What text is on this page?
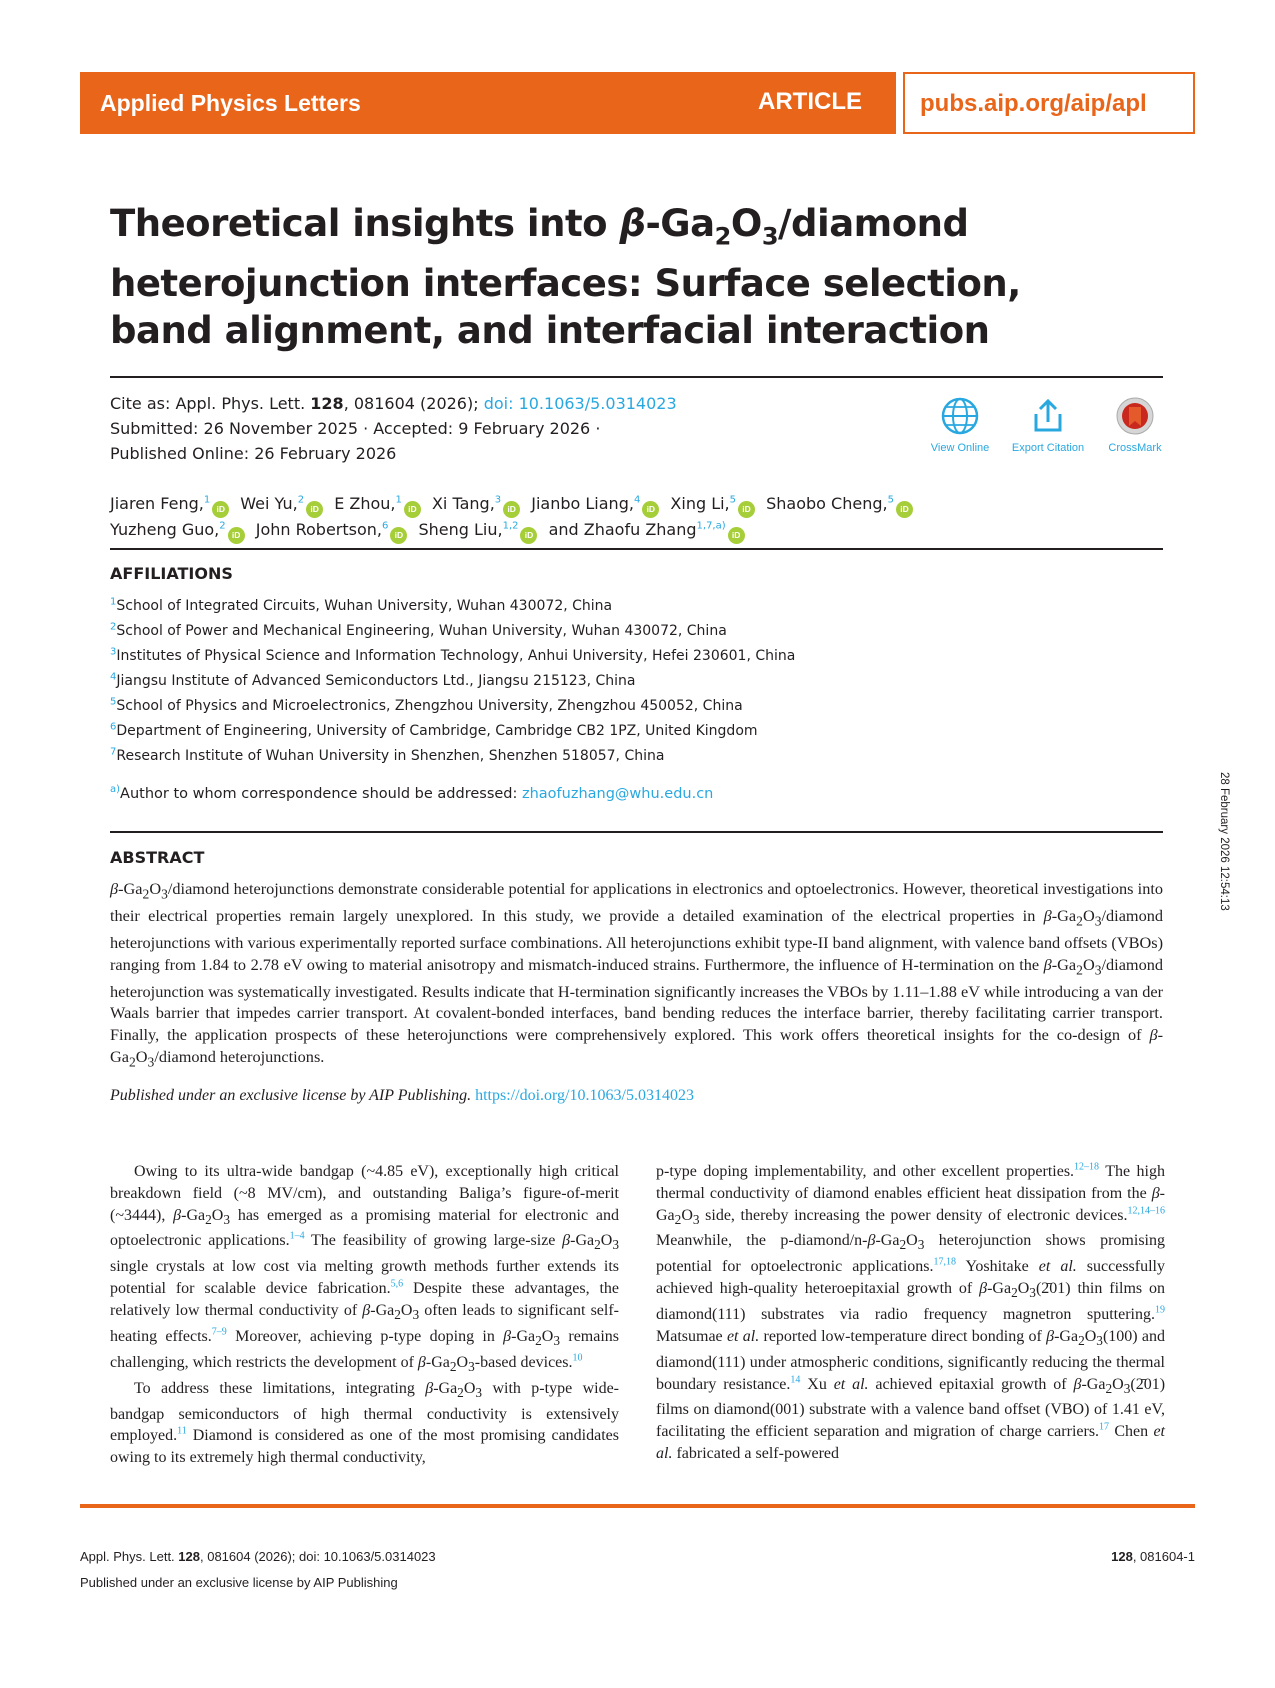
Applied Physics Letters	ARTICLE pubs.aip.org/aip/apl
Theoretical insights into $\beta-Ga_2O_3$/diamond
heterojunction interfaces: Surface selection,
band alignment, and interfacial interaction
Cite as: Appl. Phys. Lett. 128, 081604 (2026); doi: 10.1063/5.0314023
Submitted: 26 November 2025 · Accepted: 9 February 2026 ·
Published Online: 26 February 2026	View Online	Export Citation	CrossMark
Jiaren Feng,$^1$iD Wei Yu,$^2$iD E Zhou,$^1$iD Xi Tang,$^3$iD Jianbo Liang,$^4$iD Xing Li,$^5$iD Shaobo Cheng,$^5$iD
Yuzheng Guo,$^2$iD John Robertson,$^6$iD Sheng Liu,$^{1,2}$iD and Zhaofu Zhang$^{1,7,a)}$iD
AFFILIATIONS
$^1$School of Integrated Circuits, Wuhan University, Wuhan 430072, China
$^2$School of Power and Mechanical Engineering, Wuhan University, Wuhan 430072, China
$^3$Institutes of Physical Science and Information Technology, Anhui University, Hefei 230601, China
$^4$Jiangsu Institute of Advanced Semiconductors Ltd., Jiangsu 215123, China
$^5$School of Physics and Microelectronics, Zhengzhou University, Zhengzhou 450052, China
$^6$Department of Engineering, University of Cambridge, Cambridge CB2 1PZ, United Kingdom
$^7$Research Institute of Wuhan University in Shenzhen, Shenzhen 518057, China
$^{a)}$Author to whom correspondence should be addressed: zhaofuzhang@whu.edu.cn
ABSTRACT
$\beta-Ga_2O_3$/diamond heterojunctions demonstrate considerable potential for applications in electronics and optoelectronics. However, theoretical investigations into their electrical properties remain largely unexplored. In this study, we provide a detailed examination of the electrical properties in $\beta-Ga_2O_3$/diamond heterojunctions with various experimentally reported surface combinations. All heterojunctions exhibit type-II band alignment, with valence band offsets (VBOs) ranging from 1.84 to 2.78 eV owing to material anisotropy and mismatch-induced strains. Furthermore, the influence of H-termination on the $\beta-Ga_2O_3$/diamond heterojunction was systematically investigated. Results indicate that H-termination significantly increases the VBOs by 1.11–1.88 eV while introducing a van der Waals barrier that impedes carrier transport. At covalent-bonded interfaces, band bending reduces the interface barrier, thereby facilitating carrier transport. Finally, the application prospects of these heterojunctions were comprehensively explored. This work offers theoretical insights for the co-design of $\beta-Ga_2O_3$/diamond heterojunctions.
Published under an exclusive license by AIP Publishing. https://doi.org/10.1063/5.0314023

Owing to its ultra-wide bandgap (~4.85 eV), exceptionally high critical breakdown field (~8 MV/cm), and outstanding Baliga’s figure-of-merit (~3444), $\beta-Ga_2O_3$ has emerged as a promising material for electronic and optoelectronic applications.$^{1-4}$ The feasibility of growing large-size $\beta-Ga_2O_3$ single crystals at low cost via melting growth methods further extends its potential for scalable device fabrication.$^{5,6}$ Despite these advantages, the relatively low thermal conductivity of $\beta-Ga_2O_3$ often leads to significant self-heating effects.$^{7-9}$ Moreover, achieving p-type doping in $\beta-Ga_2O_3$ remains challenging, which restricts the development of $\beta-Ga_2O_3$-based devices.$^{10}$

To address these limitations, integrating $\beta-Ga_2O_3$ with p-type wide-bandgap semiconductors of high thermal conductivity is extensively employed.$^{11}$ Diamond is considered as one of the most promising candidates owing to its extremely high thermal conductivity,

p-type doping implementability, and other excellent properties.$^{12-18}$ The high thermal conductivity of diamond enables efficient heat dissipation from the $\beta-Ga_2O_3$ side, thereby increasing the power density of electronic devices.$^{12,14-16}$ Meanwhile, the $p-diamond/n-\beta-Ga_2O_3$ heterojunction shows promising potential for optoelectronic applications.$^{17,18}$ Yoshitake et al. successfully achieved high-quality heteroepitaxial growth of $\beta-Ga_2O_3(2̄01)$ thin films on diamond(111) substrates via radio frequency magnetron sputtering.$^{19}$ Matsumae et al. reported low-temperature direct bonding of $\beta-Ga_2O_3(100)$ and diamond(111) under atmospheric conditions, significantly reducing the thermal boundary resistance.$^{14}$ Xu et al. achieved epitaxial growth of $\beta-Ga_2O_3(2̄01)$ films on diamond(001) substrate with a valence band offset (VBO) of 1.41 eV, facilitating the efficient separation and migration of charge carriers.$^{17}$ Chen et al. fabricated a self-powered

Appl. Phys. Lett. 128, 081604 (2026); doi: 10.1063/5.0314023	128, 081604-1
Published under an exclusive license by AIP Publishing
28 February 2026 12:54:13
